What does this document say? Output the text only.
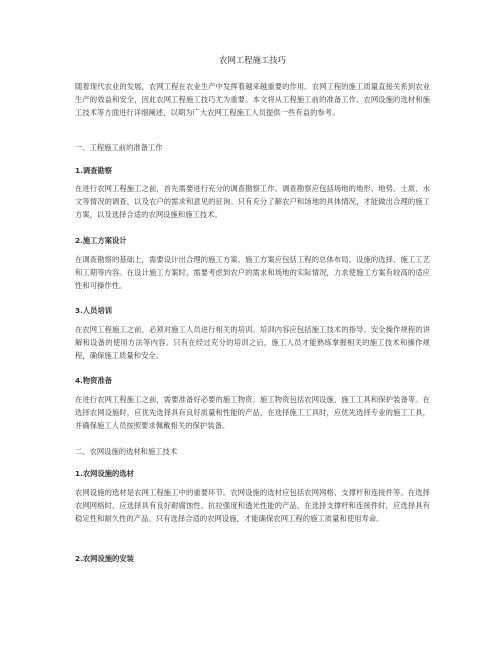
农网工程施工技巧

随着现代农业的发展，农网工程在农业生产中发挥着越来越重要的作用。农网工程的施工质量直接关系到农业生产的效益和安全，因此农网工程施工技巧尤为重要。本文将从工程施工前的准备工作、农网设施的选材和施工技术等方面进行详细阐述，以期为广大农网工程施工人员提供一些有益的参考。

一、工程施工前的准备工作
1.调查勘察

在进行农网工程施工之前，首先需要进行充分的调查勘察工作。调查勘察应包括场地的地形、地势、土质、水文等情况的调查，以及农户的需求和意见的征询。只有充分了解农户和场地的具体情况，才能做出合理的施工方案，以及选择合适的农网设施和施工技术。

2.施工方案设计

在调查勘察的基础上，需要设计出合理的施工方案。施工方案应包括工程的总体布局、设施的选择、施工工艺和工期等内容。在设计施工方案时，需要考虑到农户的需求和场地的实际情况，力求使施工方案有较高的适应性和可操作性。

3.人员培训

在农网工程施工之前，必须对施工人员进行相关的培训。培训内容应包括施工技术的指导、安全操作规程的讲解和设备的使用方法等内容。只有在经过充分的培训之后，施工人员才能熟练掌握相关的施工技术和操作规程，确保施工质量和安全。

4.物资准备

在进行农网工程施工之前，需要准备好必要的施工物资。施工物资包括农网设施、施工工具和保护装备等。在选择农网设施时，应优先选择具有良好质量和性能的产品，在选择施工工具时，应优先选择专业的施工工具，并确保施工人员按照要求佩戴相关的保护装备。

二、农网设施的选材和施工技术
1.农网设施的选材

农网设施的选材是农网工程施工中的重要环节。农网设施的选材应包括农网网格、支撑杆和连接件等。在选择农网网格时，应选择具有良好耐腐蚀性、抗拉强度和透光性能的产品，在选择支撑杆和连接件时，应选择具有稳定性和耐久性的产品。只有选择合适的农网设施，才能确保农网工程的施工质量和使用寿命。

2.农网设施的安装
